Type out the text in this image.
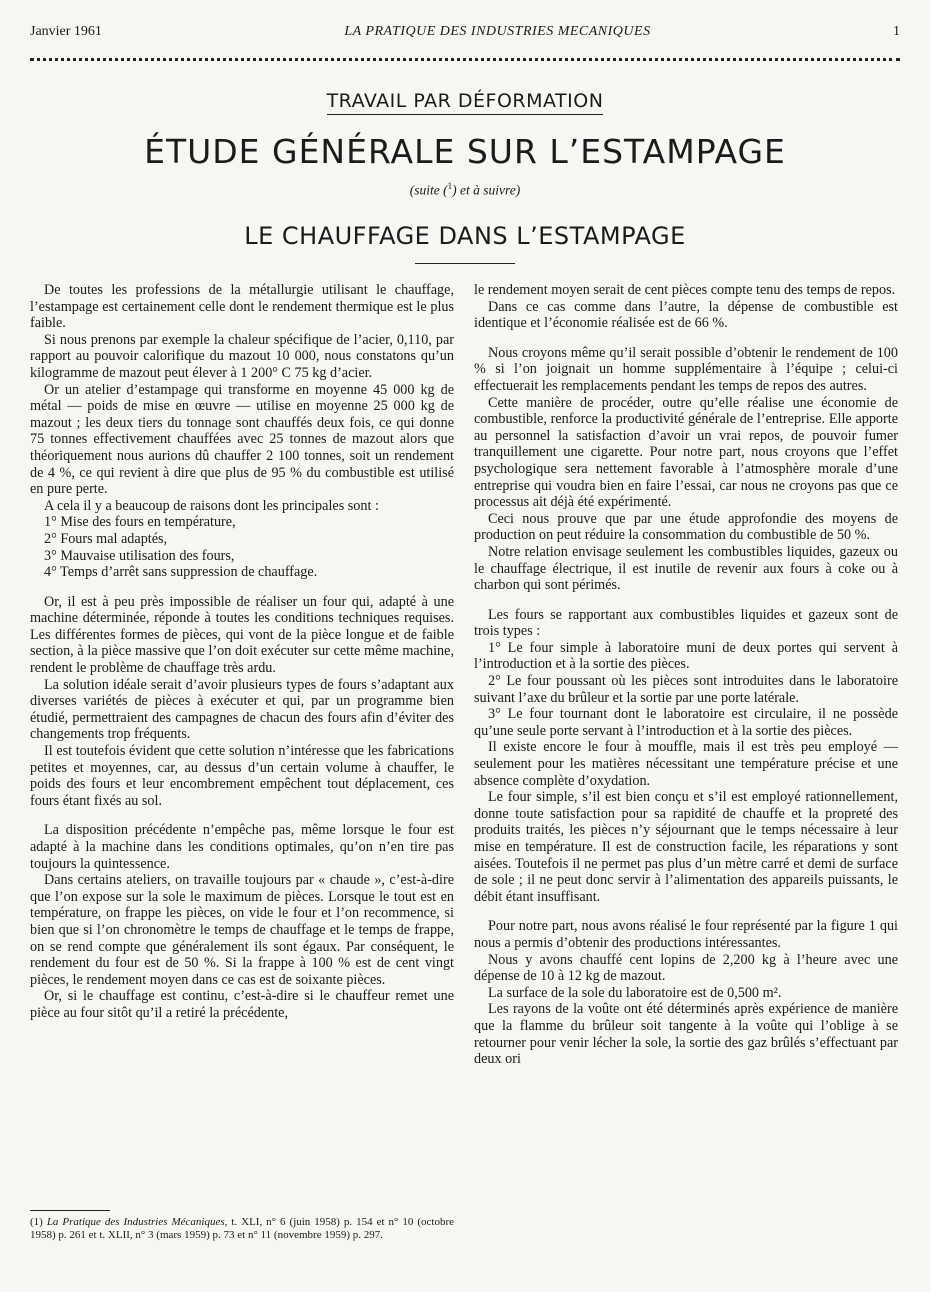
Janvier 1961	LA PRATIQUE DES INDUSTRIES MECANIQUES	1
TRAVAIL PAR DÉFORMATION
ÉTUDE GÉNÉRALE SUR L’ESTAMPAGE
(suite ($^1$) et à suivre)
LE CHAUFFAGE DANS L’ESTAMPAGE

De toutes les professions de la métallurgie utilisant le chauffage, l’estampage est certainement celle dont le rendement thermique est le plus faible.

Si nous prenons par exemple la chaleur spécifique de l’acier, 0,110, par rapport au pouvoir calorifique du mazout 10 000, nous constatons qu’un kilogramme de mazout peut élever à 1 200° C 75 kg d’acier.

Or un atelier d’estampage qui transforme en moyenne 45 000 kg de métal — poids de mise en œuvre — utilise en moyenne 25 000 kg de mazout ; les deux tiers du tonnage sont chauffés deux fois, ce qui donne 75 tonnes effectivement chauffées avec 25 tonnes de mazout alors que théoriquement nous aurions dû chauffer 2 100 tonnes, soit un rendement de 4 %, ce qui revient à dire que plus de 95 % du combustible est utilisé en pure perte.

A cela il y a beaucoup de raisons dont les principales sont :

1° Mise des fours en température,

2° Fours mal adaptés,

3° Mauvaise utilisation des fours,

4° Temps d’arrêt sans suppression de chauffage.

Or, il est à peu près impossible de réaliser un four qui, adapté à une machine déterminée, réponde à toutes les conditions techniques requises. Les différentes formes de pièces, qui vont de la pièce longue et de faible section, à la pièce massive que l’on doit exécuter sur cette même machine, rendent le problème de chauffage très ardu.

La solution idéale serait d’avoir plusieurs types de fours s’adaptant aux diverses variétés de pièces à exécuter et qui, par un programme bien étudié, permettraient des campagnes de chacun des fours afin d’éviter des changements trop fréquents.

Il est toutefois évident que cette solution n’intéresse que les fabrications petites et moyennes, car, au dessus d’un certain volume à chauffer, le poids des fours et leur encombrement empêchent tout déplacement, ces fours étant fixés au sol.

La disposition précédente n’empêche pas, même lorsque le four est adapté à la machine dans les conditions optimales, qu’on n’en tire pas toujours la quintessence.

Dans certains ateliers, on travaille toujours par « chaude », c’est-à-dire que l’on expose sur la sole le maximum de pièces. Lorsque le tout est en température, on frappe les pièces, on vide le four et l’on recommence, si bien que si l’on chronomètre le temps de chauffage et le temps de frappe, on se rend compte que généralement ils sont égaux. Par conséquent, le rendement du four est de 50 %. Si la frappe à 100 % est de cent vingt pièces, le rendement moyen dans ce cas est de soixante pièces.

Or, si le chauffage est continu, c’est-à-dire si le chauffeur remet une pièce au four sitôt qu’il a retiré la précédente,

le rendement moyen serait de cent pièces compte tenu des temps de repos.

Dans ce cas comme dans l’autre, la dépense de combustible est identique et l’économie réalisée est de 66 %.

Nous croyons même qu’il serait possible d’obtenir le rendement de 100 % si l’on joignait un homme supplémentaire à l’équipe ; celui-ci effectuerait les remplacements pendant les temps de repos des autres.

Cette manière de procéder, outre qu’elle réalise une économie de combustible, renforce la productivité générale de l’entreprise. Elle apporte au personnel la satisfaction d’avoir un vrai repos, de pouvoir fumer tranquillement une cigarette. Pour notre part, nous croyons que l’effet psychologique sera nettement favorable à l’atmosphère morale d’une entreprise qui voudra bien en faire l’essai, car nous ne croyons pas que ce processus ait déjà été expérimenté.

Ceci nous prouve que par une étude approfondie des moyens de production on peut réduire la consommation du combustible de 50 %.

Notre relation envisage seulement les combustibles liquides, gazeux ou le chauffage électrique, il est inutile de revenir aux fours à coke ou à charbon qui sont périmés.

Les fours se rapportant aux combustibles liquides et gazeux sont de trois types :

1° Le four simple à laboratoire muni de deux portes qui servent à l’introduction et à la sortie des pièces.

2° Le four poussant où les pièces sont introduites dans le laboratoire suivant l’axe du brûleur et la sortie par une porte latérale.

3° Le four tournant dont le laboratoire est circulaire, il ne possède qu’une seule porte servant à l’introduction et à la sortie des pièces.

Il existe encore le four à mouffle, mais il est très peu employé — seulement pour les matières nécessitant une température précise et une absence complète d’oxydation.

Le four simple, s’il est bien conçu et s’il est employé rationnellement, donne toute satisfaction pour sa rapidité de chauffe et la propreté des produits traités, les pièces n’y séjournant que le temps nécessaire à leur mise en température. Il est de construction facile, les réparations y sont aisées. Toutefois il ne permet pas plus d’un mètre carré et demi de surface de sole ; il ne peut donc servir à l’alimentation des appareils puissants, le débit étant insuffisant.

Pour notre part, nous avons réalisé le four représenté par la figure 1 qui nous a permis d’obtenir des productions intéressantes.

Nous y avons chauffé cent lopins de 2,200 kg à l’heure avec une dépense de 10 à 12 kg de mazout.

La surface de la sole du laboratoire est de 0,500 m².

Les rayons de la voûte ont été déterminés après expérience de manière que la flamme du brûleur soit tangente à la voûte qui l’oblige à se retourner pour venir lécher la sole, la sortie des gaz brûlés s’effectuant par deux ori

(1) La Pratique des Industries Mécaniques, t. XLI, n° 6 (juin 1958) p. 154 et n° 10 (octobre 1958) p. 261 et t. XLII, n° 3 (mars 1959) p. 73 et n° 11 (novembre 1959) p. 297.
